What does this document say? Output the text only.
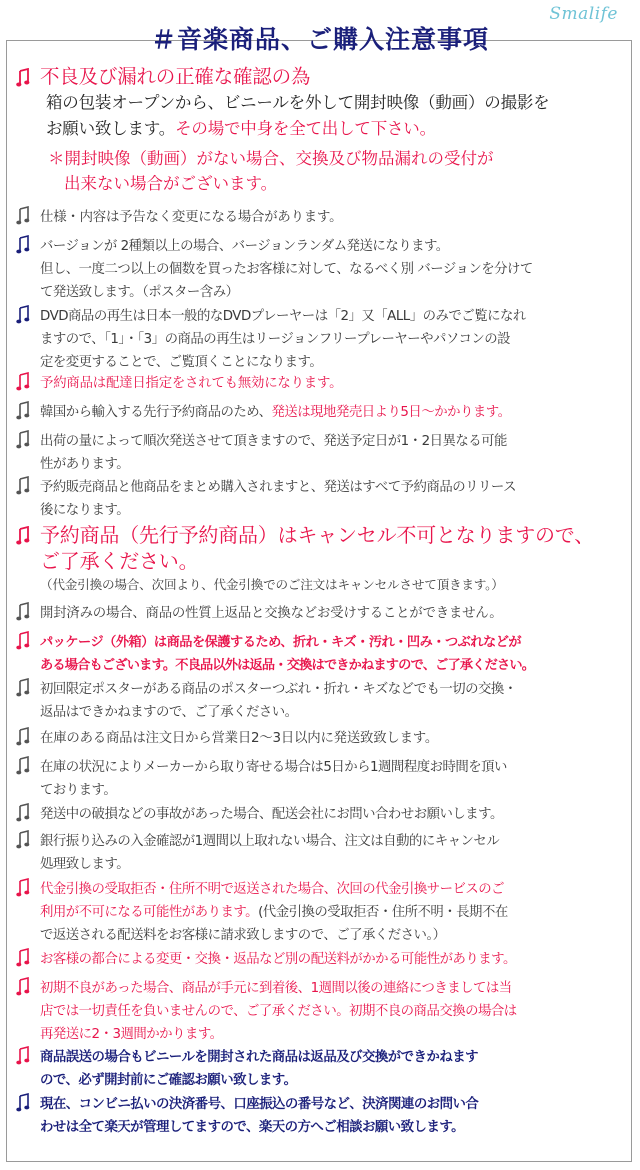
Smalife
＃音楽商品、ご購入注意事項
不良及び漏れの正確な確認の為
箱の包装オープンから、ビニールを外して開封映像（動画）の撮影を
お願い致します。その場で中身を全て出して下さい。
＊開封映像（動画）がない場合、交換及び物品漏れの受付が
出来ない場合がございます。
仕様・内容は予告なく変更になる場合があります。
バージョンが 2種類以上の場合、バージョンランダム発送になります。
但し、一度二つ以上の個数を買ったお客様に対して、なるべく別 バージョンを分けて
て発送致します。（ポスター含み）
DVD商品の再生は日本一般的なDVDプレーヤーは「2」又「ALL」のみでご覧になれ
ますので、「1」・「3」の商品の再生はリージョンフリープレーヤーやパソコンの設
定を変更することで、ご覧頂くことになります。
予約商品は配達日指定をされても無効になります。
韓国から輸入する先行予約商品のため、発送は現地発売日より5日～かかります。
出荷の量によって順次発送させて頂きますので、発送予定日が1・2日異なる可能
性があります。
予約販売商品と他商品をまとめ購入されますと、発送はすべて予約商品のリリース
後になります。
予約商品（先行予約商品）はキャンセル不可となりますので、
ご了承ください。
（代金引換の場合、次回より、代金引換でのご注文はキャンセルさせて頂きます。）
開封済みの場合、商品の性質上返品と交換などお受けすることができません。
パッケージ（外箱）は商品を保護するため、折れ・キズ・汚れ・凹み・つぶれなどが
ある場合もございます。不良品以外は返品・交換はできかねますので、ご了承ください。
初回限定ポスターがある商品のポスターつぶれ・折れ・キズなどでも一切の交換・
返品はできかねますので、ご了承ください。
在庫のある商品は注文日から営業日2～3日以内に発送致致します。
在庫の状況によりメーカーから取り寄せる場合は5日から1週間程度お時間を頂い
ております。
発送中の破損などの事故があった場合、配送会社にお問い合わせお願いします。
銀行振り込みの入金確認が1週間以上取れない場合、注文は自動的にキャンセル
処理致します。
代金引換の受取拒否・住所不明で返送された場合、次回の代金引換サービスのご
利用が不可になる可能性があります。(代金引換の受取拒否・住所不明・長期不在
で返送される配送料をお客様に請求致しますので、ご了承ください。）
お客様の都合による変更・交換・返品など別の配送料がかかる可能性があります。
初期不良があった場合、商品が手元に到着後、1週間以後の連絡につきましては当
店では一切責任を負いませんので、ご了承ください。初期不良の商品交換の場合は
再発送に2・3週間かかります。
商品誤送の場合もビニールを開封された商品は返品及び交換ができかねます
ので、必ず開封前にご確認お願い致します。
現在、コンビニ払いの決済番号、口座振込の番号など、決済関連のお問い合
わせは全て楽天が管理してますので、楽天の方へご相談お願い致します。
